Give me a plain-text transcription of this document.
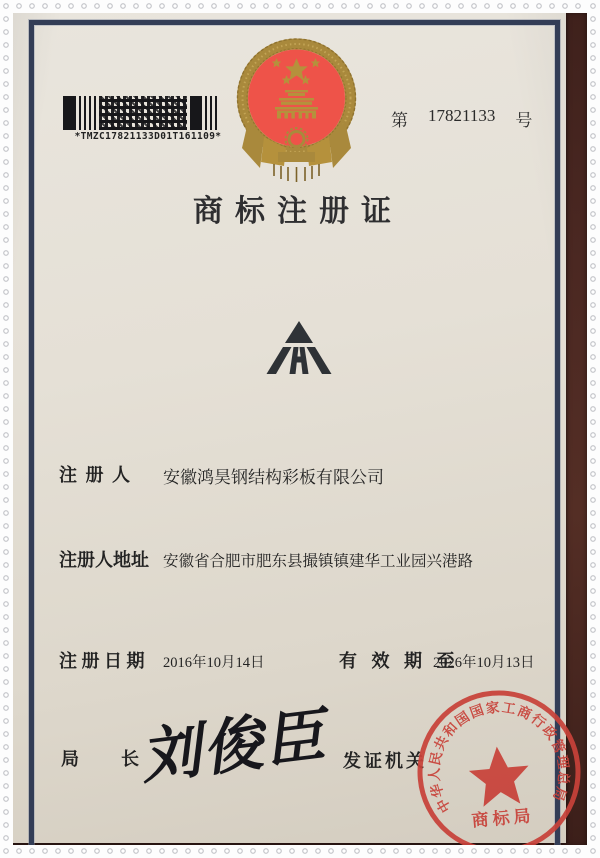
*TMZC17821133D01T161109*
第 17821133 号
商标注册证
注 册 人 安徽鸿昊钢结构彩板有限公司
注册人地址 安徽省合肥市肥东县撮镇镇建华工业园兴港路
注 册 日 期 2016年10月14日	有 效 期 至
2026年10月13日
局 长 刘俊臣 发证机关
中华人民共和国国家工商行政管理总局
商标局
